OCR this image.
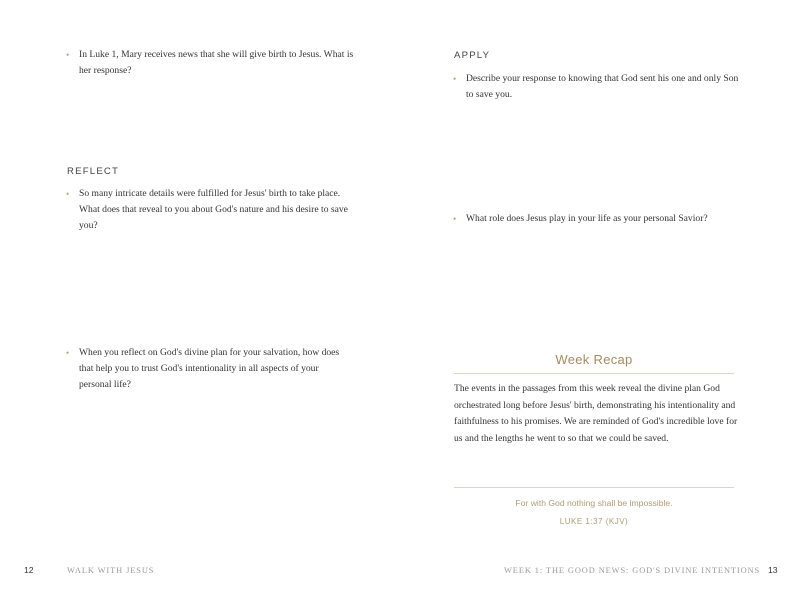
• In Luke 1, Mary receives news that she will give birth to Jesus. What is her response?
REFLECT
• So many intricate details were fulfilled for Jesus' birth to take place. What does that reveal to you about God's nature and his desire to save you?
• When you reflect on God's divine plan for your salvation, how does that help you to trust God's intentionality in all aspects of your personal life?
12	WALK WITH JESUS
APPLY
• Describe your response to knowing that God sent his one and only Son to save you.
• What role does Jesus play in your life as your personal Savior?
Week Recap
The events in the passages from this week reveal the divine plan God orchestrated long before Jesus' birth, demonstrating his intentionality and faithfulness to his promises. We are reminded of God's incredible love for us and the lengths he went to so that we could be saved.
For with God nothing shall be impossible.
LUKE 1:37 (KJV)
WEEK 1: THE GOOD NEWS: GOD'S DIVINE INTENTIONS 13
